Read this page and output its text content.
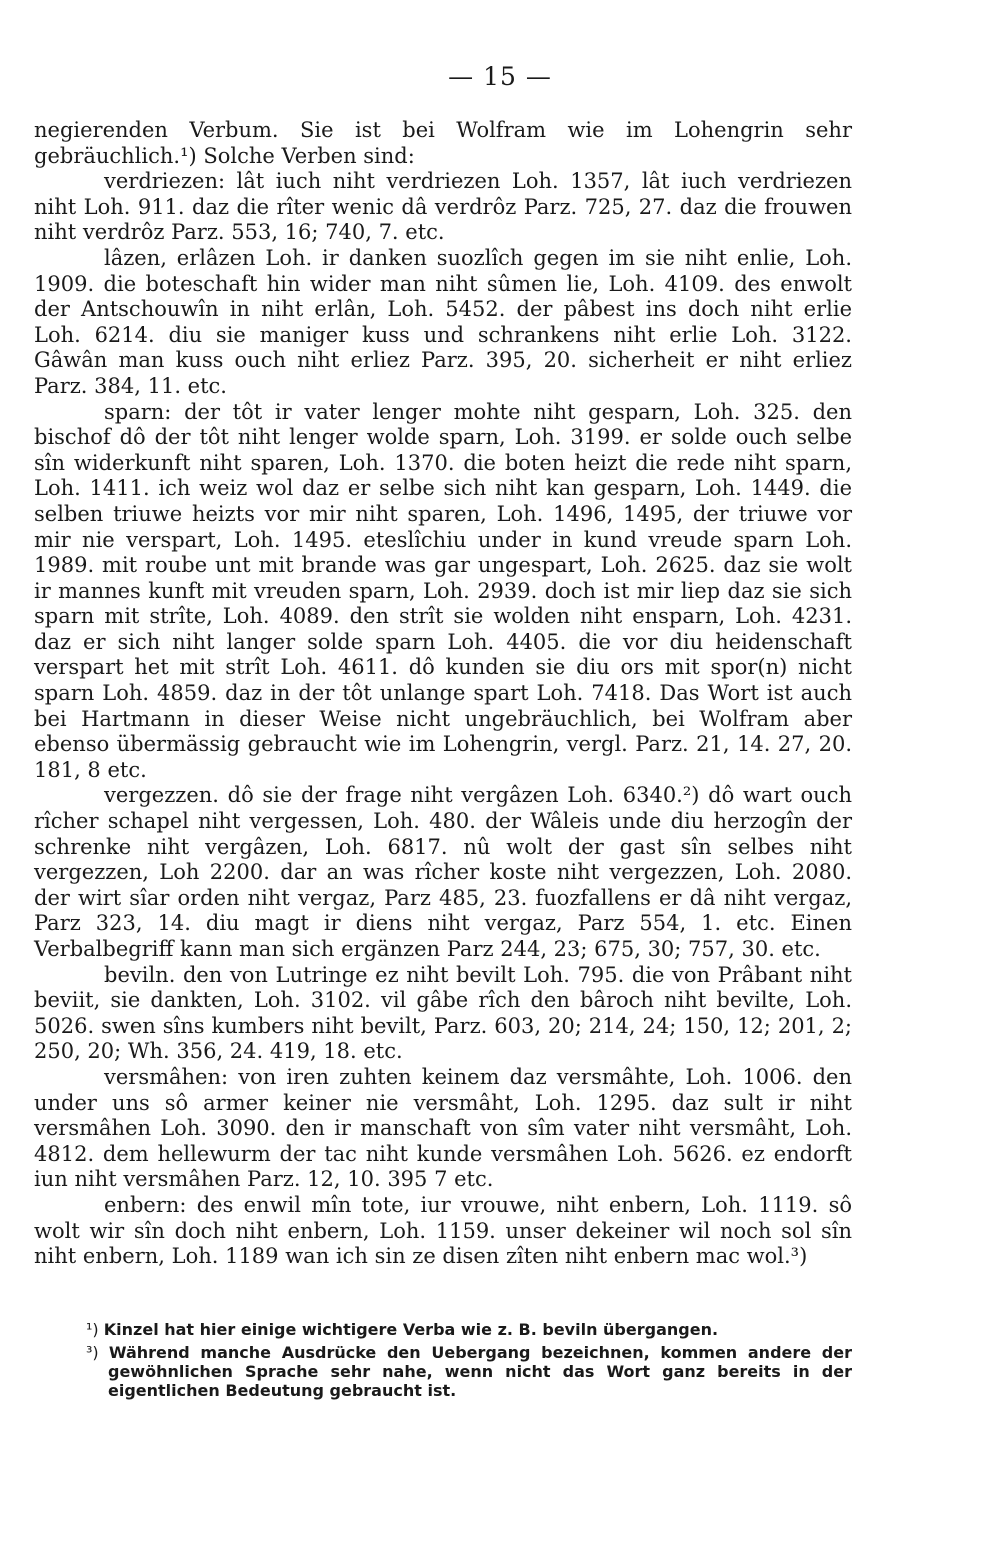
— 15 —

negierenden Verbum. Sie ist bei Wolfram wie im Lohengrin sehr gebräuchlich.¹) Solche Verben sind:

verdriezen: lât iuch niht verdriezen Loh. 1357, lât iuch verdriezen niht Loh. 911. daz die rîter wenic dâ verdrôz Parz. 725, 27. daz die frouwen niht verdrôz Parz. 553, 16; 740, 7. etc.

lâzen, erlâzen Loh. ir danken suozlîch gegen im sie niht enlie, Loh. 1909. die boteschaft hin wider man niht sûmen lie, Loh. 4109. des enwolt der Antschouwîn in niht erlân, Loh. 5452. der pâbest ins doch niht erlie Loh. 6214. diu sie maniger kuss und schrankens niht erlie Loh. 3122. Gâwân man kuss ouch niht erliez Parz. 395, 20. sicherheit er niht erliez Parz. 384, 11. etc.

sparn: der tôt ir vater lenger mohte niht gesparn, Loh. 325. den bischof dô der tôt niht lenger wolde sparn, Loh. 3199. er solde ouch selbe sîn widerkunft niht sparen, Loh. 1370. die boten heizt die rede niht sparn, Loh. 1411. ich weiz wol daz er selbe sich niht kan gesparn, Loh. 1449. die selben triuwe heizts vor mir niht sparen, Loh. 1496, 1495, der triuwe vor mir nie verspart, Loh. 1495. eteslîchiu under in kund vreude sparn Loh. 1989. mit roube unt mit brande was gar ungespart, Loh. 2625. daz sie wolt ir mannes kunft mit vreuden sparn, Loh. 2939. doch ist mir liep daz sie sich sparn mit strîte, Loh. 4089. den strît sie wolden niht ensparn, Loh. 4231. daz er sich niht langer solde sparn Loh. 4405. die vor diu heidenschaft verspart het mit strît Loh. 4611. dô kunden sie diu ors mit spor(n) nicht sparn Loh. 4859. daz in der tôt unlange spart Loh. 7418. Das Wort ist auch bei Hartmann in dieser Weise nicht ungebräuchlich, bei Wolfram aber ebenso übermässig gebraucht wie im Lohengrin, vergl. Parz. 21, 14. 27, 20. 181, 8 etc.

vergezzen. dô sie der frage niht vergâzen Loh. 6340.²) dô wart ouch rîcher schapel niht vergessen, Loh. 480. der Wâleis unde diu herzogîn der schrenke niht vergâzen, Loh. 6817. nû wolt der gast sîn selbes niht vergezzen, Loh 2200. dar an was rîcher koste niht vergezzen, Loh. 2080. der wirt sîar orden niht vergaz, Parz 485, 23. fuozfallens er dâ niht vergaz, Parz 323, 14. diu magt ir diens niht vergaz, Parz 554, 1. etc. Einen Verbalbegriff kann man sich ergänzen Parz 244, 23; 675, 30; 757, 30. etc.

beviln. den von Lutringe ez niht bevilt Loh. 795. die von Prâbant niht beviit, sie dankten, Loh. 3102. vil gâbe rîch den bâroch niht bevilte, Loh. 5026. swen sîns kumbers niht bevilt, Parz. 603, 20; 214, 24; 150, 12; 201, 2; 250, 20; Wh. 356, 24. 419, 18. etc.

versmâhen: von iren zuhten keinem daz versmâhte, Loh. 1006. den under uns sô armer keiner nie versmâht, Loh. 1295. daz sult ir niht versmâhen Loh. 3090. den ir manschaft von sîm vater niht versmâht, Loh. 4812. dem hellewurm der tac niht kunde versmâhen Loh. 5626. ez endorft iun niht versmâhen Parz. 12, 10. 395 7 etc.

enbern: des enwil mîn tote, iur vrouwe, niht enbern, Loh. 1119. sô wolt wir sîn doch niht enbern, Loh. 1159. unser dekeiner wil noch sol sîn niht enbern, Loh. 1189 wan ich sin ze disen zîten niht enbern mac wol.³)

¹) Kinzel hat hier einige wichtigere Verba wie z. B. beviln übergangen.

³) Während manche Ausdrücke den Uebergang bezeichnen, kommen andere der gewöhnlichen Sprache sehr nahe, wenn nicht das Wort ganz bereits in der eigentlichen Bedeutung gebraucht ist.
